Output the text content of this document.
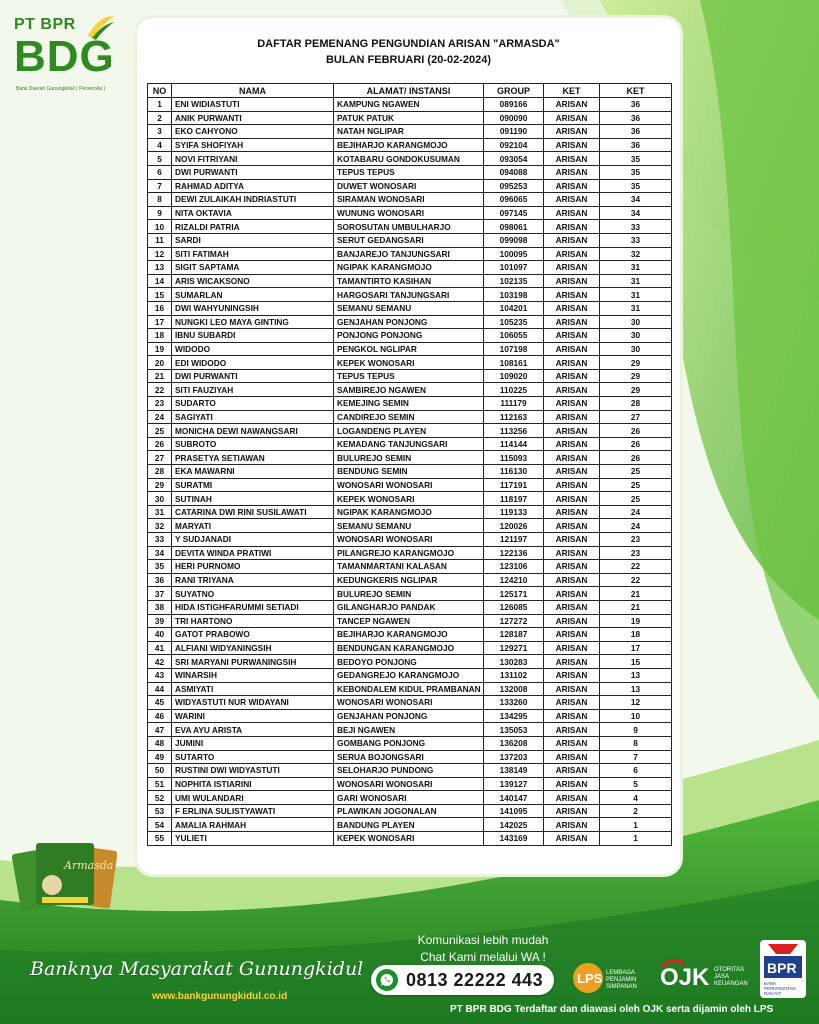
PT BPR
BDG
Bank Daerah Gunungkidul ( Perseroda )
DAFTAR PEMENANG PENGUNDIAN ARISAN "ARMASDA"
BULAN FEBRUARI (20-02-2024)
NO	NAMA	ALAMAT/ INSTANSI	GROUP	KET	KET
1	ENI WIDIASTUTI	KAMPUNG NGAWEN	089166	ARISAN	36
2	ANIK PURWANTI	PATUK PATUK	090090	ARISAN	36
3	EKO CAHYONO	NATAH NGLIPAR	091190	ARISAN	36
4	SYIFA SHOFIYAH	BEJIHARJO KARANGMOJO	092104	ARISAN	36
5	NOVI FITRIYANI	KOTABARU GONDOKUSUMAN	093054	ARISAN	35
6	DWI PURWANTI	TEPUS TEPUS	094088	ARISAN	35
7	RAHMAD ADITYA	DUWET WONOSARI	095253	ARISAN	35
8	DEWI ZULAIKAH INDRIASTUTI	SIRAMAN WONOSARI	096065	ARISAN	34
9	NITA OKTAVIA	WUNUNG WONOSARI	097145	ARISAN	34
10	RIZALDI PATRIA	SOROSUTAN UMBULHARJO	098061	ARISAN	33
11	SARDI	SERUT GEDANGSARI	099098	ARISAN	33
12	SITI FATIMAH	BANJAREJO TANJUNGSARI	100095	ARISAN	32
13	SIGIT SAPTAMA	NGIPAK KARANGMOJO	101097	ARISAN	31
14	ARIS WICAKSONO	TAMANTIRTO KASIHAN	102135	ARISAN	31
15	SUMARLAN	HARGOSARI TANJUNGSARI	103198	ARISAN	31
16	DWI WAHYUNINGSIH	SEMANU SEMANU	104201	ARISAN	31
17	NUNGKI LEO MAYA GINTING	GENJAHAN PONJONG	105235	ARISAN	30
18	IBNU SUBARDI	PONJONG PONJONG	106055	ARISAN	30
19	WIDODO	PENGKOL NGLIPAR	107198	ARISAN	30
20	EDI WIDODO	KEPEK WONOSARI	108161	ARISAN	29
21	DWI PURWANTI	TEPUS TEPUS	109020	ARISAN	29
22	SITI FAUZIYAH	SAMBIREJO NGAWEN	110225	ARISAN	29
23	SUDARTO	KEMEJING SEMIN	111179	ARISAN	28
24	SAGIYATI	CANDIREJO SEMIN	112163	ARISAN	27
25	MONICHA DEWI NAWANGSARI	LOGANDENG PLAYEN	113256	ARISAN	26
26	SUBROTO	KEMADANG TANJUNGSARI	114144	ARISAN	26
27	PRASETYA SETIAWAN	BULUREJO SEMIN	115093	ARISAN	26
28	EKA MAWARNI	BENDUNG SEMIN	116130	ARISAN	25
29	SURATMI	WONOSARI WONOSARI	117191	ARISAN	25
30	SUTINAH	KEPEK WONOSARI	118197	ARISAN	25
31	CATARINA DWI RINI SUSILAWATI	NGIPAK KARANGMOJO	119133	ARISAN	24
32	MARYATI	SEMANU SEMANU	120026	ARISAN	24
33	Y SUDJANADI	WONOSARI WONOSARI	121197	ARISAN	23
34	DEVITA WINDA PRATIWI	PILANGREJO KARANGMOJO	122136	ARISAN	23
35	HERI PURNOMO	TAMANMARTANI KALASAN	123106	ARISAN	22
36	RANI TRIYANA	KEDUNGKERIS NGLIPAR	124210	ARISAN	22
37	SUYATNO	BULUREJO SEMIN	125171	ARISAN	21
38	HIDA ISTIGHFARUMMI SETIADI	GILANGHARJO PANDAK	126085	ARISAN	21
39	TRI HARTONO	TANCEP NGAWEN	127272	ARISAN	19
40	GATOT PRABOWO	BEJIHARJO KARANGMOJO	128187	ARISAN	18
41	ALFIANI WIDYANINGSIH	BENDUNGAN KARANGMOJO	129271	ARISAN	17
42	SRI MARYANI PURWANINGSIH	BEDOYO PONJONG	130283	ARISAN	15
43	WINARSIH	GEDANGREJO KARANGMOJO	131102	ARISAN	13
44	ASMIYATI	KEBONDALEM KIDUL PRAMBANAN	132008	ARISAN	13
45	WIDYASTUTI NUR WIDAYANI	WONOSARI WONOSARI	133260	ARISAN	12
46	WARINI	GENJAHAN PONJONG	134295	ARISAN	10
47	EVA AYU ARISTA	BEJI NGAWEN	135053	ARISAN	9
48	JUMINI	GOMBANG PONJONG	136208	ARISAN	8
49	SUTARTO	SERUA BOJONGSARI	137203	ARISAN	7
50	RUSTINI DWI WIDYASTUTI	SELOHARJO PUNDONG	138149	ARISAN	6
51	NOPHITA ISTIARINI	WONOSARI WONOSARI	139127	ARISAN	5
52	UMI WULANDARI	GARI WONOSARI	140147	ARISAN	4
53	F ERLINA SULISTYAWATI	PLAWIKAN JOGONALAN	141095	ARISAN	2
54	AMALIA RAHMAH	BANDUNG PLAYEN	142025	ARISAN	1
55	YULIETI	KEPEK WONOSARI	143169	ARISAN	1
Armasda
Banknya Masyarakat Gunungkidul
www.bankgunungkidul.co.id
Komunikasi lebih mudah
Chat Kami melalui WA !
0813 22222 443	LPS LEMBAGA
PENJAMIN
SIMPANAN OJK OTORITAS
JASA
KEUANGAN
BPR
BANK
PERKREDITAN
RAKYAT
PT BPR BDG Terdaftar dan diawasi oleh OJK serta dijamin oleh LPS
